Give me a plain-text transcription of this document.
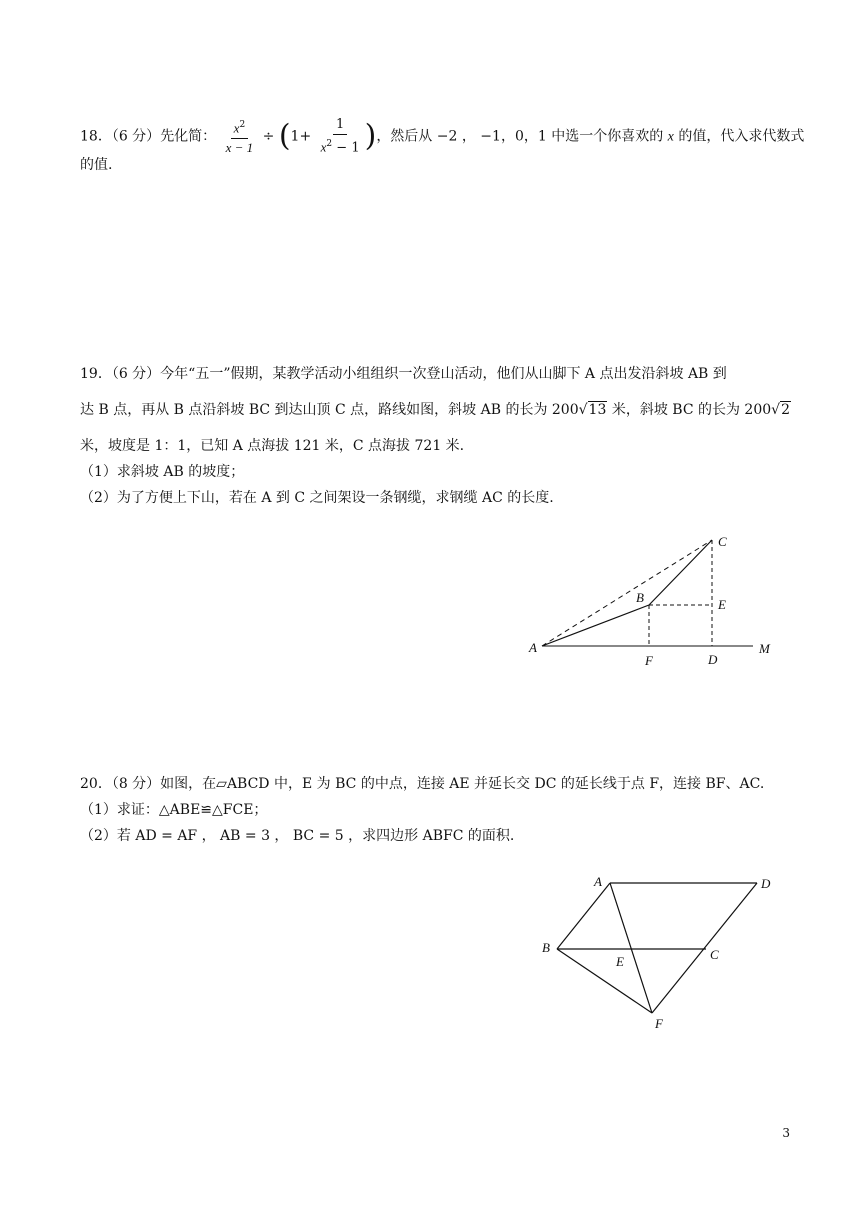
18．（6 分）先化简： $\frac{x^2}{x - 1} \div (1+ \frac{1}{x^2 - 1}$ )，然后从 −2 ， −1，0，1 中选一个你喜欢的 x 的值，代入求代数式
的值.
19．（6 分）今年“五一”假期，某教学活动小组组织一次登山活动，他们从山脚下 A 点出发沿斜坡 AB 到
达 B 点，再从 B 点沿斜坡 BC 到达山顶 C 点，路线如图，斜坡 AB 的长为 200√13 米，斜坡 BC 的长为 200√2
米，坡度是 1：1，已知 A 点海拔 121 米，C 点海拔 721 米.
（1）求斜坡 AB 的坡度；
（2）为了方便上下山，若在 A 到 C 之间架设一条钢缆，求钢缆 AC 的长度.
A
B
C
D
E
F
M
20．（8 分）如图，在▱ABCD 中，E 为 BC 的中点，连接 AE 并延长交 DC 的延长线于点 F，连接 BF、AC.
（1）求证：△ABE≌△FCE；
（2）若 AD = AF ， AB = 3 ， BC = 5 ，求四边形 ABFC 的面积.
A
B	C
D
E
F
3
